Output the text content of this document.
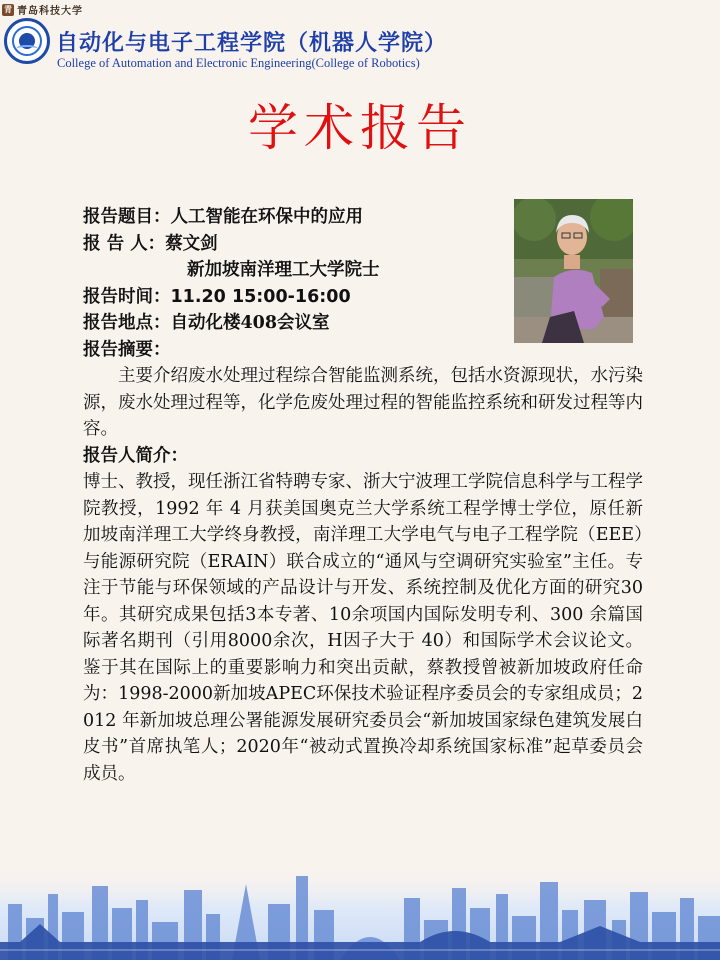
青 青岛科技大学
自动化与电子工程学院（机器人学院）
College of Automation and Electronic Engineering(College of Robotics)
学术报告
报告题目：人工智能在环保中的应用
报 告 人：蔡文剑
新加坡南洋理工大学院士
报告时间：11.20 15:00-16:00
报告地点：自动化楼408会议室
报告摘要：
主要介绍废水处理过程综合智能监测系统，包括水资源现状，水污染源，废水处理过程等，化学危废处理过程的智能监控系统和研发过程等内容。
报告人简介：
博士、教授，现任浙江省特聘专家、浙大宁波理工学院信息科学与工程学院教授，1992 年 4 月获美国奥克兰大学系统工程学博士学位，原任新加坡南洋理工大学终身教授，南洋理工大学电气与电子工程学院（EEE）与能源研究院（ERAIN）联合成立的“通风与空调研究实验室”主任。专注于节能与环保领域的产品设计与开发、系统控制及优化方面的研究30年。其研究成果包括3本专著、10余项国内国际发明专利、300 余篇国际著名期刊（引用8000余次，H因子大于 40）和国际学术会议论文。鉴于其在国际上的重要影响力和突出贡献，蔡教授曾被新加坡政府任命为：1998-2000新加坡APEC环保技术验证程序委员会的专家组成员；2012 年新加坡总理公署能源发展研究委员会“新加坡国家绿色建筑发展白皮书”首席执笔人；2020年“被动式置换冷却系统国家标准”起草委员会成员。
